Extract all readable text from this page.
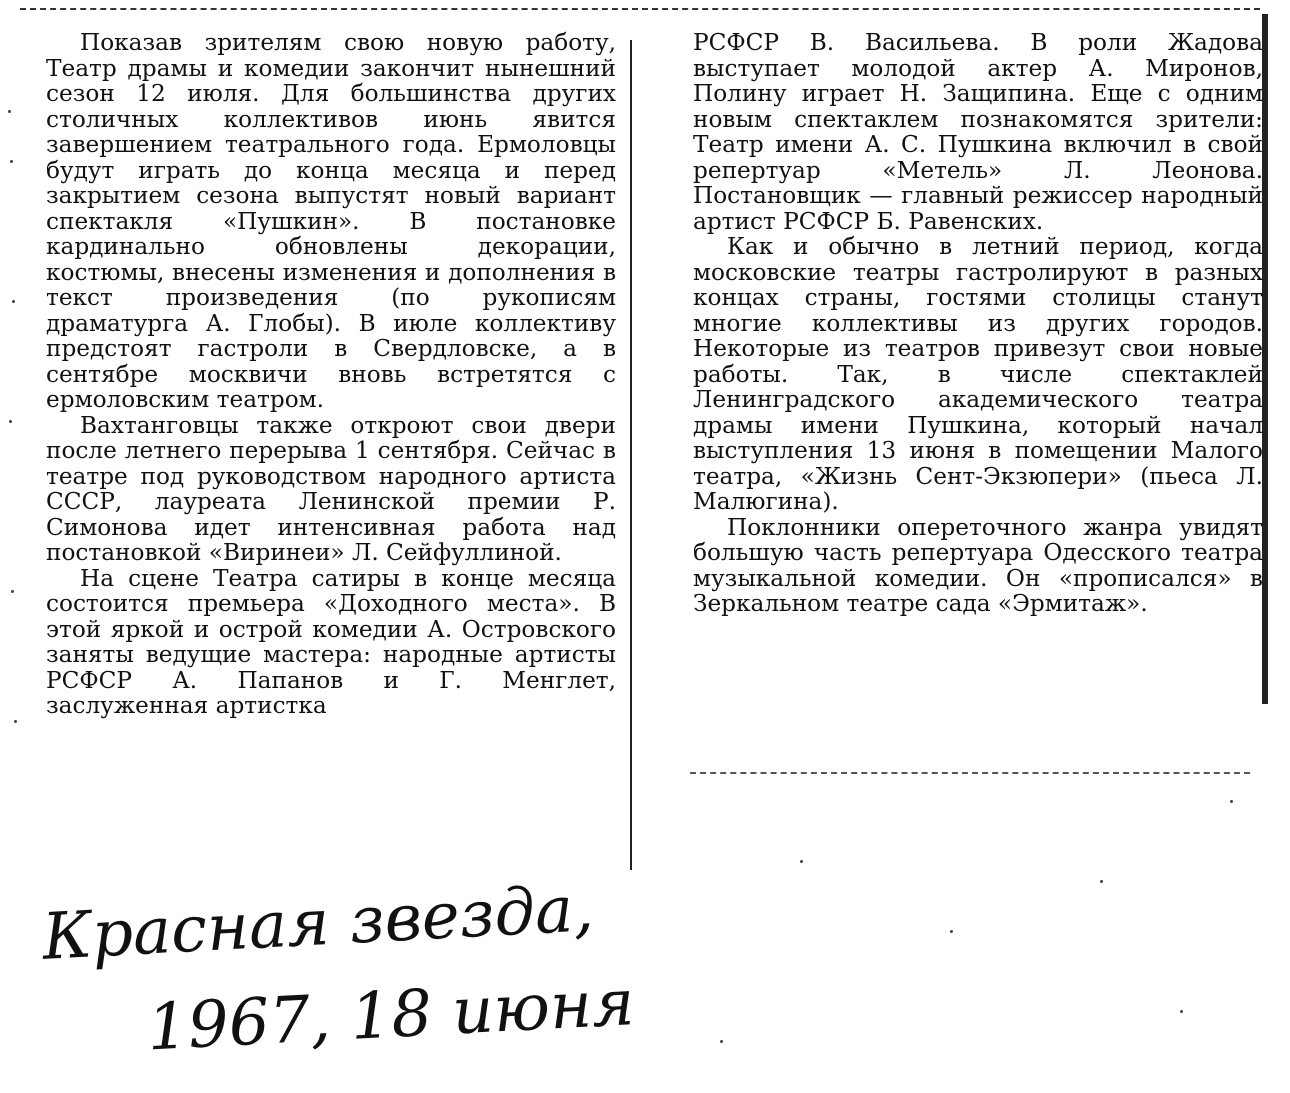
Показав зрителям свою новую работу, Театр драмы и комедии закончит нынешний сезон 12 июля. Для большинства других столичных коллективов июнь явится завершением театрального года. Ермоловцы будут играть до конца месяца и перед закрытием сезона выпустят новый вариант спектакля «Пушкин». В постановке кардинально обновлены декорации, костюмы, внесены изменения и дополнения в текст произведения (по рукописям драматурга А. Глобы). В июле коллективу предстоят гастроли в Свердловске, а в сентябре москвичи вновь встретятся с ермоловским театром.

Вахтанговцы также откроют свои двери после летнего перерыва 1 сентября. Сейчас в театре под руководством народного артиста СССР, лауреата Ленинской премии Р. Симонова идет интенсивная работа над постановкой «Виринеи» Л. Сейфуллиной.

На сцене Театра сатиры в конце месяца состоится премьера «Доходного места». В этой яркой и острой комедии А. Островского заняты ведущие мастера: народные артисты РСФСР А. Папанов и Г. Менглет, заслуженная артистка

РСФСР В. Васильева. В роли Жадова выступает молодой актер А. Миронов, Полину играет Н. Защипина. Еще с одним новым спектаклем познакомятся зрители: Театр имени А. С. Пушкина включил в свой репертуар «Метель» Л. Леонова. Постановщик — главный режиссер народный артист РСФСР Б. Равенских.

Как и обычно в летний период, когда московские театры гастролируют в разных концах страны, гостями столицы станут многие коллективы из других городов. Некоторые из театров привезут свои новые работы. Так, в числе спектаклей Ленинградского академического театра драмы имени Пушкина, который начал выступления 13 июня в помещении Малого театра, «Жизнь Сент-Экзюпери» (пьеса Л. Малюгина).

Поклонники опереточного жанра увидят большую часть репертуара Одесского театра музыкальной комедии. Он «прописался» в Зеркальном театре сада «Эрмитаж».

Красная звезда,
1967, 18 июня
